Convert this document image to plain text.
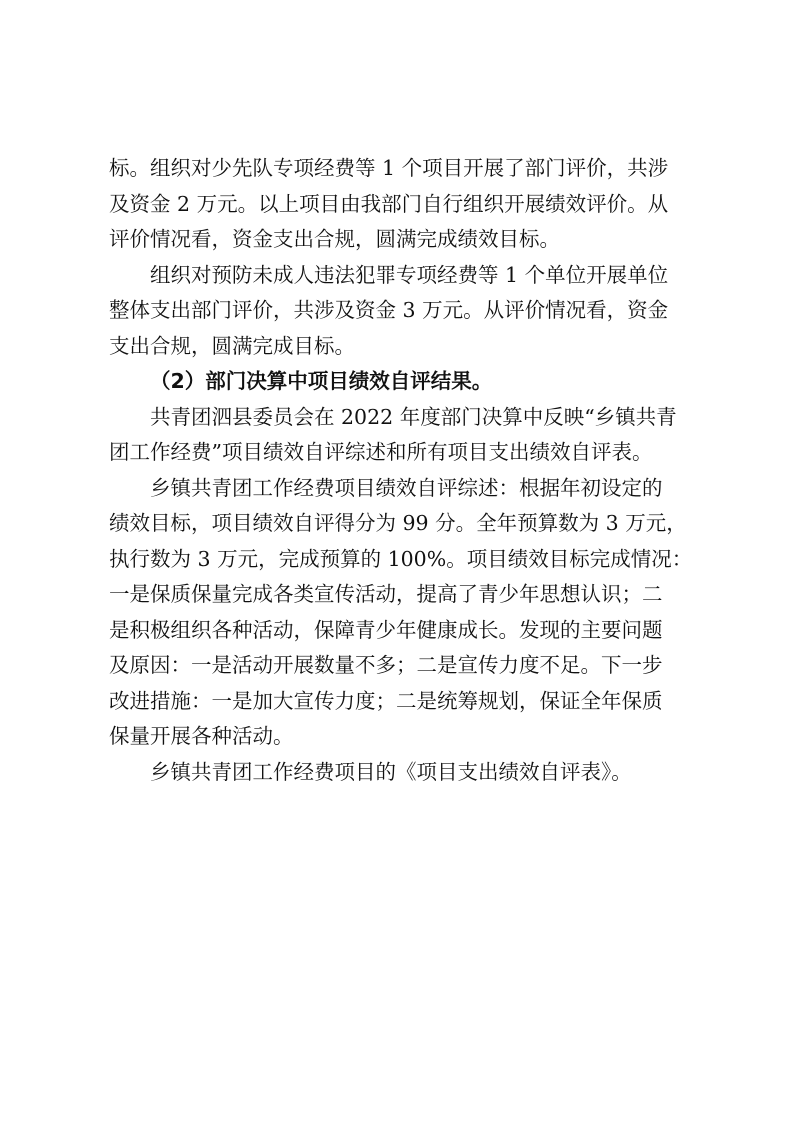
标。组织对少先队专项经费等 1 个项目开展了部门评价，共涉
及资金 2 万元。以上项目由我部门自行组织开展绩效评价。从
评价情况看，资金支出合规，圆满完成绩效目标。
组织对预防未成人违法犯罪专项经费等 1 个单位开展单位
整体支出部门评价，共涉及资金 3 万元。从评价情况看，资金
支出合规，圆满完成目标。
（2）部门决算中项目绩效自评结果。
共青团泗县委员会在 2022 年度部门决算中反映“乡镇共青
团工作经费”项目绩效自评综述和所有项目支出绩效自评表。
乡镇共青团工作经费项目绩效自评综述：根据年初设定的
绩效目标，项目绩效自评得分为 99 分。全年预算数为 3 万元，
执行数为 3 万元，完成预算的 100%。项目绩效目标完成情况：
一是保质保量完成各类宣传活动，提高了青少年思想认识；二
是积极组织各种活动，保障青少年健康成长。发现的主要问题
及原因：一是活动开展数量不多；二是宣传力度不足。下一步
改进措施：一是加大宣传力度；二是统筹规划，保证全年保质
保量开展各种活动。
乡镇共青团工作经费项目的《项目支出绩效自评表》。
